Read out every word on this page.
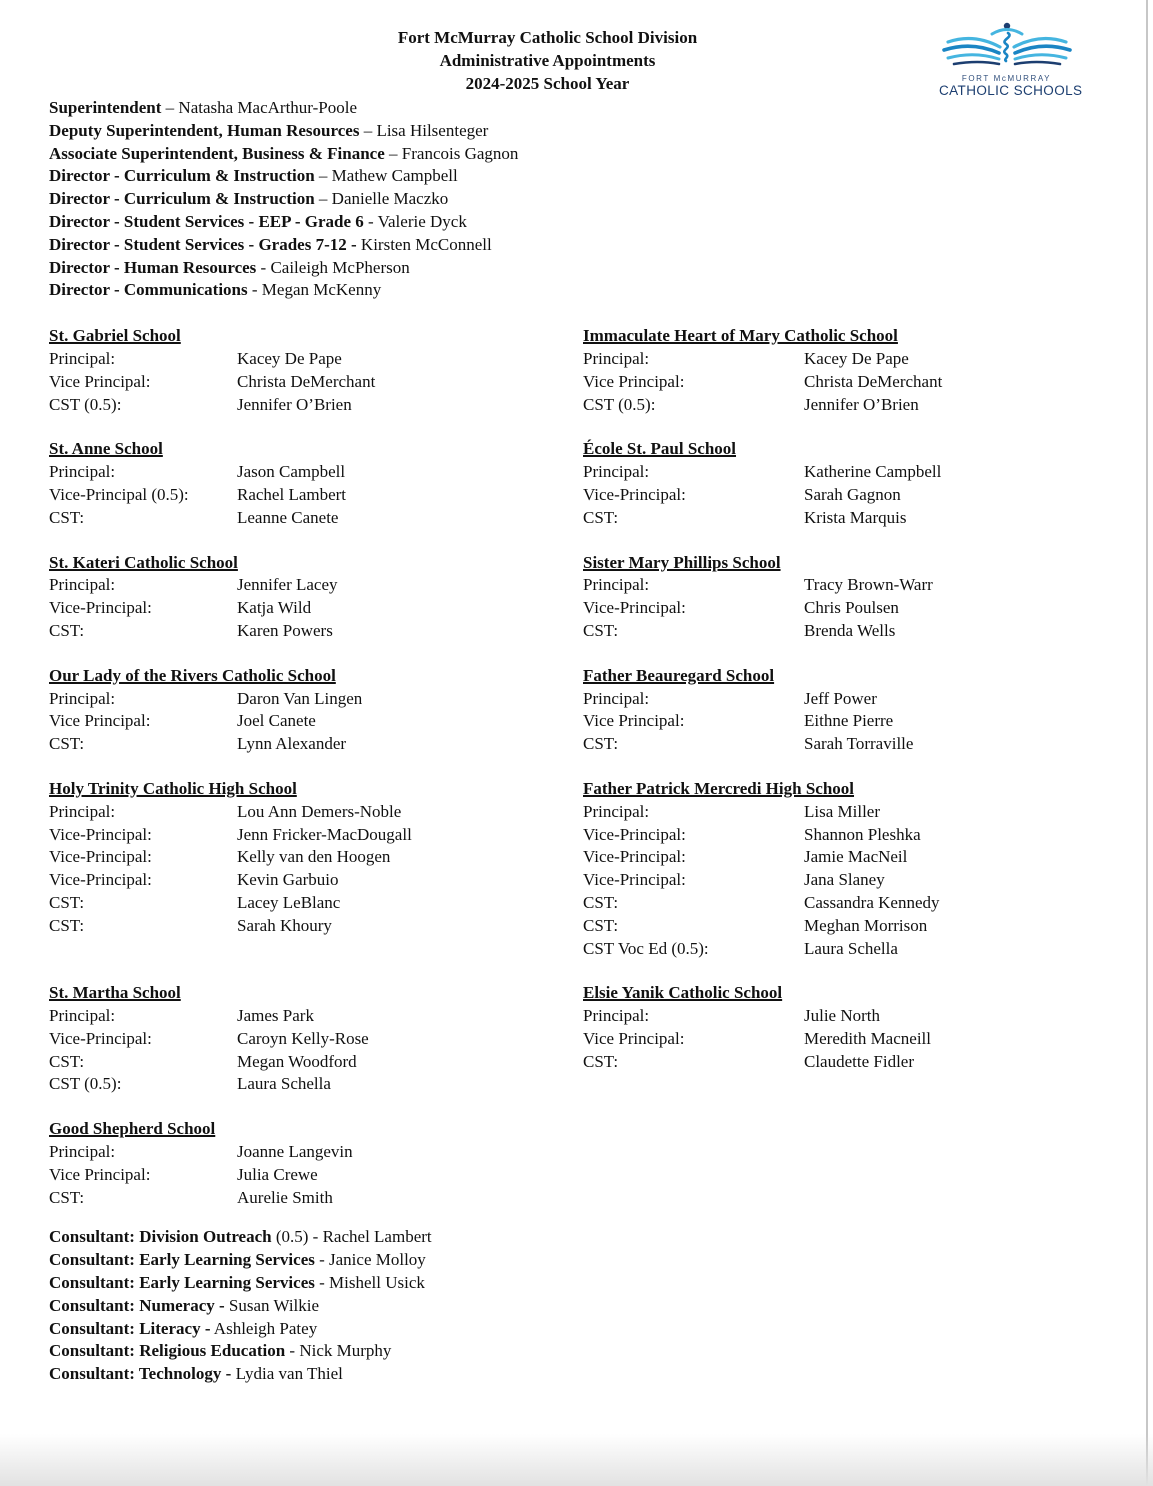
FORT McMURRAY
CATHOLIC SCHOOLS
Fort McMurray Catholic School Division
Administrative Appointments
2024-2025 School Year
Superintendent – Natasha MacArthur-Poole
Deputy Superintendent, Human Resources – Lisa Hilsenteger
Associate Superintendent, Business & Finance – Francois Gagnon
Director - Curriculum & Instruction – Mathew Campbell
Director - Curriculum & Instruction – Danielle Maczko
Director - Student Services - EEP - Grade 6 - Valerie Dyck
Director - Student Services - Grades 7-12 - Kirsten McConnell
Director - Human Resources - Caileigh McPherson
Director - Communications - Megan McKenny
St. Gabriel School
Principal:	Kacey De Pape
Vice Principal:	Christa DeMerchant
CST (0.5):	Jennifer O’Brien
Immaculate Heart of Mary Catholic School
Principal:	Kacey De Pape
Vice Principal:	Christa DeMerchant
CST (0.5):	Jennifer O’Brien
St. Anne School
Principal:	Jason Campbell
Vice-Principal (0.5):	Rachel Lambert
CST:	Leanne Canete
École St. Paul School
Principal:	Katherine Campbell
Vice-Principal:	Sarah Gagnon
CST:	Krista Marquis
St. Kateri Catholic School
Principal:	Jennifer Lacey
Vice-Principal:	Katja Wild
CST:	Karen Powers
Sister Mary Phillips School
Principal:	Tracy Brown-Warr
Vice-Principal:	Chris Poulsen
CST:	Brenda Wells
Our Lady of the Rivers Catholic School
Principal:	Daron Van Lingen
Vice Principal:	Joel Canete
CST:	Lynn Alexander
Father Beauregard School
Principal:	Jeff Power
Vice Principal:	Eithne Pierre
CST:	Sarah Torraville
Holy Trinity Catholic High School
Principal:	Lou Ann Demers-Noble
Vice-Principal:	Jenn Fricker-MacDougall
Vice-Principal:	Kelly van den Hoogen
Vice-Principal:	Kevin Garbuio
CST:	Lacey LeBlanc
CST:	Sarah Khoury
Father Patrick Mercredi High School
Principal:	Lisa Miller
Vice-Principal:	Shannon Pleshka
Vice-Principal:	Jamie MacNeil
Vice-Principal:	Jana Slaney
CST:	Cassandra Kennedy
CST:	Meghan Morrison
CST Voc Ed (0.5):	Laura Schella
St. Martha School
Principal:	James Park
Vice-Principal:	Caroyn Kelly-Rose
CST:	Megan Woodford
CST (0.5):	Laura Schella
Elsie Yanik Catholic School
Principal:	Julie North
Vice Principal:	Meredith Macneill
CST:	Claudette Fidler
Good Shepherd School
Principal:	Joanne Langevin
Vice Principal:	Julia Crewe
CST:	Aurelie Smith
Consultant: Division Outreach (0.5) - Rachel Lambert
Consultant: Early Learning Services - Janice Molloy
Consultant: Early Learning Services - Mishell Usick
Consultant: Numeracy - Susan Wilkie
Consultant: Literacy - Ashleigh Patey
Consultant: Religious Education - Nick Murphy
Consultant: Technology - Lydia van Thiel
